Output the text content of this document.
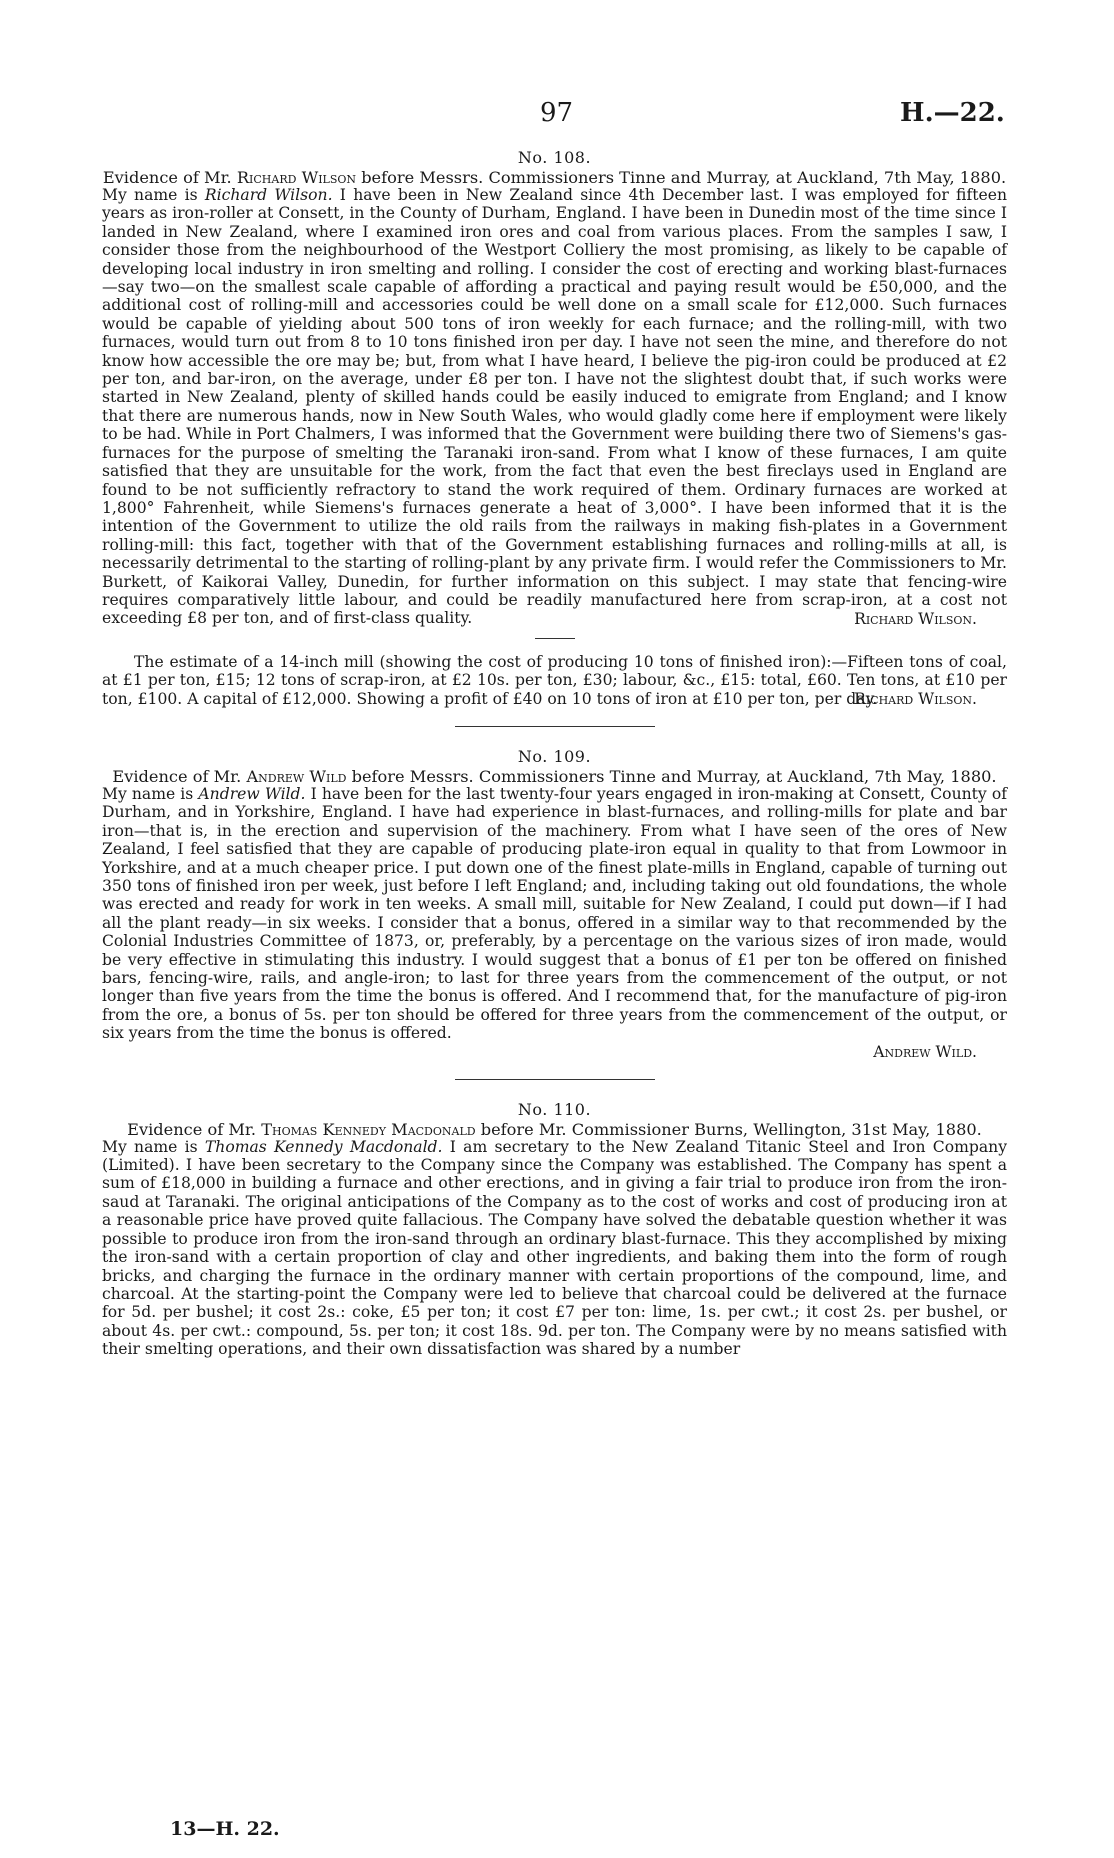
97	H.—22.
No. 108.

Evidence of Mr. Richard Wilson before Messrs. Commissioners Tinne and Murray, at Auckland, 7th May, 1880.

My name is Richard Wilson. I have been in New Zealand since 4th December last. I was employed for fifteen years as iron-roller at Consett, in the County of Durham, England. I have been in Dunedin most of the time since I landed in New Zealand, where I examined iron ores and coal from various places. From the samples I saw, I consider those from the neighbourhood of the Westport Colliery the most promising, as likely to be capable of developing local industry in iron smelting and rolling. I consider the cost of erecting and working blast-furnaces—say two—on the smallest scale capable of affording a practical and paying result would be £50,000, and the additional cost of rolling-mill and accessories could be well done on a small scale for £12,000. Such furnaces would be capable of yielding about 500 tons of iron weekly for each furnace; and the rolling-mill, with two furnaces, would turn out from 8 to 10 tons finished iron per day. I have not seen the mine, and therefore do not know how accessible the ore may be; but, from what I have heard, I believe the pig-iron could be produced at £2 per ton, and bar-iron, on the average, under £8 per ton. I have not the slightest doubt that, if such works were started in New Zealand, plenty of skilled hands could be easily induced to emigrate from England; and I know that there are numerous hands, now in New South Wales, who would gladly come here if employment were likely to be had. While in Port Chalmers, I was informed that the Government were building there two of Siemens's gas-furnaces for the purpose of smelting the Taranaki iron-sand. From what I know of these furnaces, I am quite satisfied that they are unsuitable for the work, from the fact that even the best fireclays used in England are found to be not sufficiently refractory to stand the work required of them. Ordinary furnaces are worked at 1,800° Fahrenheit, while Siemens's furnaces generate a heat of 3,000°. I have been informed that it is the intention of the Government to utilize the old rails from the railways in making fish-plates in a Government rolling-mill: this fact, together with that of the Government establishing furnaces and rolling-mills at all, is necessarily detrimental to the starting of rolling-plant by any private firm. I would refer the Commissioners to Mr. Burkett, of Kaikorai Valley, Dunedin, for further information on this subject. I may state that fencing-wire requires comparatively little labour, and could be readily manufactured here from scrap-iron, at a cost not exceeding £8 per ton, and of first-class quality.	Richard Wilson.

The estimate of a 14-inch mill (showing the cost of producing 10 tons of finished iron):—Fifteen tons of coal, at £1 per ton, £15; 12 tons of scrap-iron, at £2 10s. per ton, £30; labour, &c., £15: total, £60. Ten tons, at £10 per ton, £100. A capital of £12,000. Showing a profit of £40 on 10 tons of iron at £10 per ton, per day.

Richard Wilson.

No. 109.

Evidence of Mr. Andrew Wild before Messrs. Commissioners Tinne and Murray, at Auckland, 7th May, 1880.

My name is Andrew Wild. I have been for the last twenty-four years engaged in iron-making at Consett, County of Durham, and in Yorkshire, England. I have had experience in blast-furnaces, and rolling-mills for plate and bar iron—that is, in the erection and supervision of the machinery. From what I have seen of the ores of New Zealand, I feel satisfied that they are capable of producing plate-iron equal in quality to that from Lowmoor in Yorkshire, and at a much cheaper price. I put down one of the finest plate-mills in England, capable of turning out 350 tons of finished iron per week, just before I left England; and, including taking out old foundations, the whole was erected and ready for work in ten weeks. A small mill, suitable for New Zealand, I could put down—if I had all the plant ready—in six weeks. I consider that a bonus, offered in a similar way to that recommended by the Colonial Industries Committee of 1873, or, preferably, by a percentage on the various sizes of iron made, would be very effective in stimulating this industry. I would suggest that a bonus of £1 per ton be offered on finished bars, fencing-wire, rails, and angle-iron; to last for three years from the commencement of the output, or not longer than five years from the time the bonus is offered. And I recommend that, for the manufacture of pig-iron from the ore, a bonus of 5s. per ton should be offered for three years from the commencement of the output, or six years from the time the bonus is offered.

Andrew Wild.

No. 110.

Evidence of Mr. Thomas Kennedy Macdonald before Mr. Commissioner Burns, Wellington, 31st May, 1880.

My name is Thomas Kennedy Macdonald. I am secretary to the New Zealand Titanic Steel and Iron Company (Limited). I have been secretary to the Company since the Company was established. The Company has spent a sum of £18,000 in building a furnace and other erections, and in giving a fair trial to produce iron from the iron-saud at Taranaki. The original anticipations of the Company as to the cost of works and cost of producing iron at a reasonable price have proved quite fallacious. The Company have solved the debatable question whether it was possible to produce iron from the iron-sand through an ordinary blast-furnace. This they accomplished by mixing the iron-sand with a certain proportion of clay and other ingredients, and baking them into the form of rough bricks, and charging the furnace in the ordinary manner with certain proportions of the compound, lime, and charcoal. At the starting-point the Company were led to believe that charcoal could be delivered at the furnace for 5d. per bushel; it cost 2s.: coke, £5 per ton; it cost £7 per ton: lime, 1s. per cwt.; it cost 2s. per bushel, or about 4s. per cwt.: compound, 5s. per ton; it cost 18s. 9d. per ton. The Company were by no means satisfied with their smelting operations, and their own dissatisfaction was shared by a number

13—H. 22.
